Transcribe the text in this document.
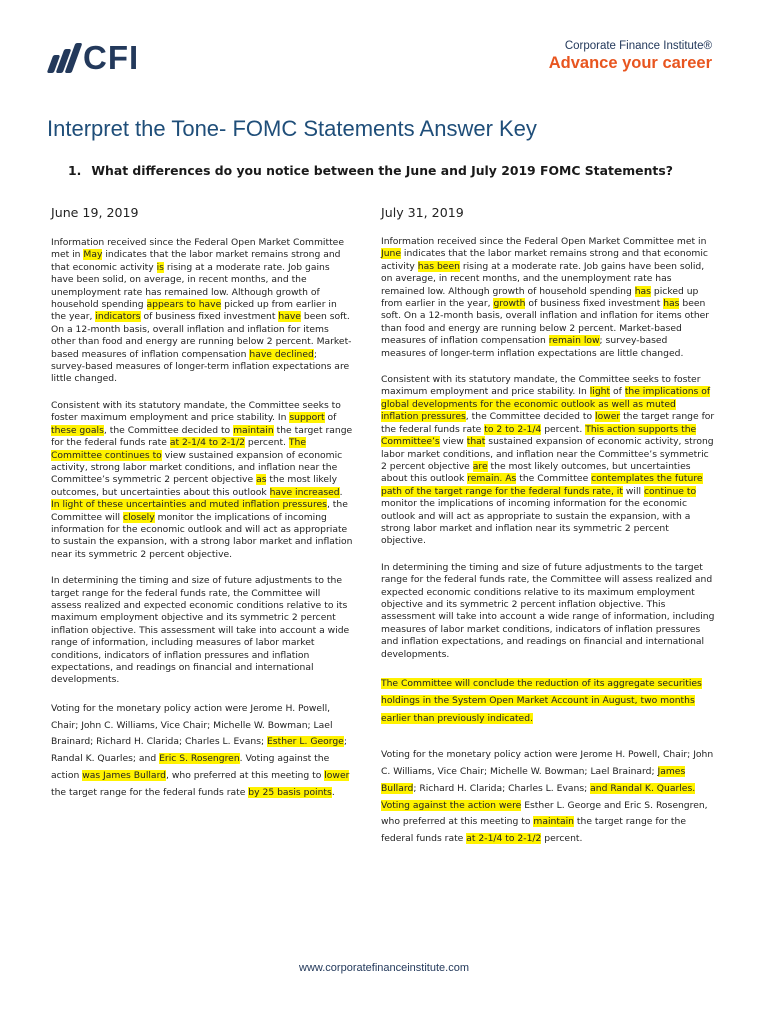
CFI	Corporate Finance Institute®
Advance your career
Interpret the Tone- FOMC Statements Answer Key
1. What differences do you notice between the June and July 2019 FOMC Statements?
June 19, 2019

Information received since the Federal Open Market Committee met in May indicates that the labor market remains strong and that economic activity is rising at a moderate rate. Job gains have been solid, on average, in recent months, and the unemployment rate has remained low. Although growth of household spending appears to have picked up from earlier in the year, indicators of business fixed investment have been soft. On a 12-month basis, overall inflation and inflation for items other than food and energy are running below 2 percent. Market-based measures of inflation compensation have declined; survey-based measures of longer-term inflation expectations are little changed.

Consistent with its statutory mandate, the Committee seeks to foster maximum employment and price stability. In support of these goals, the Committee decided to maintain the target range for the federal funds rate at 2-1/4 to 2-1/2 percent. The Committee continues to view sustained expansion of economic activity, strong labor market conditions, and inflation near the Committee’s symmetric 2 percent objective as the most likely outcomes, but uncertainties about this outlook have increased. In light of these uncertainties and muted inflation pressures, the Committee will closely monitor the implications of incoming information for the economic outlook and will act as appropriate to sustain the expansion, with a strong labor market and inflation near its symmetric 2 percent objective.

In determining the timing and size of future adjustments to the target range for the federal funds rate, the Committee will assess realized and expected economic conditions relative to its maximum employment objective and its symmetric 2 percent inflation objective. This assessment will take into account a wide range of information, including measures of labor market conditions, indicators of inflation pressures and inflation expectations, and readings on financial and international developments.

Voting for the monetary policy action were Jerome H. Powell, Chair; John C. Williams, Vice Chair; Michelle W. Bowman; Lael Brainard; Richard H. Clarida; Charles L. Evans; Esther L. George; Randal K. Quarles; and Eric S. Rosengren. Voting against the action was James Bullard, who preferred at this meeting to lower the target range for the federal funds rate by 25 basis points.

July 31, 2019

Information received since the Federal Open Market Committee met in June indicates that the labor market remains strong and that economic activity has been rising at a moderate rate. Job gains have been solid, on average, in recent months, and the unemployment rate has remained low. Although growth of household spending has picked up from earlier in the year, growth of business fixed investment has been soft. On a 12-month basis, overall inflation and inflation for items other than food and energy are running below 2 percent. Market-based measures of inflation compensation remain low; survey-based measures of longer-term inflation expectations are little changed.

Consistent with its statutory mandate, the Committee seeks to foster maximum employment and price stability. In light of the implications of global developments for the economic outlook as well as muted inflation pressures, the Committee decided to lower the target range for the federal funds rate to 2 to 2-1/4 percent. This action supports the Committee’s view that sustained expansion of economic activity, strong labor market conditions, and inflation near the Committee’s symmetric 2 percent objective are the most likely outcomes, but uncertainties about this outlook remain. As the Committee contemplates the future path of the target range for the federal funds rate, it will continue to monitor the implications of incoming information for the economic outlook and will act as appropriate to sustain the expansion, with a strong labor market and inflation near its symmetric 2 percent objective.

In determining the timing and size of future adjustments to the target range for the federal funds rate, the Committee will assess realized and expected economic conditions relative to its maximum employment objective and its symmetric 2 percent inflation objective. This assessment will take into account a wide range of information, including measures of labor market conditions, indicators of inflation pressures and inflation expectations, and readings on financial and international developments.

The Committee will conclude the reduction of its aggregate securities holdings in the System Open Market Account in August, two months earlier than previously indicated.

Voting for the monetary policy action were Jerome H. Powell, Chair; John C. Williams, Vice Chair; Michelle W. Bowman; Lael Brainard; James Bullard; Richard H. Clarida; Charles L. Evans; and Randal K. Quarles. Voting against the action were Esther L. George and Eric S. Rosengren, who preferred at this meeting to maintain the target range for the federal funds rate at 2-1/4 to 2-1/2 percent.

www.corporatefinanceinstitute.com
